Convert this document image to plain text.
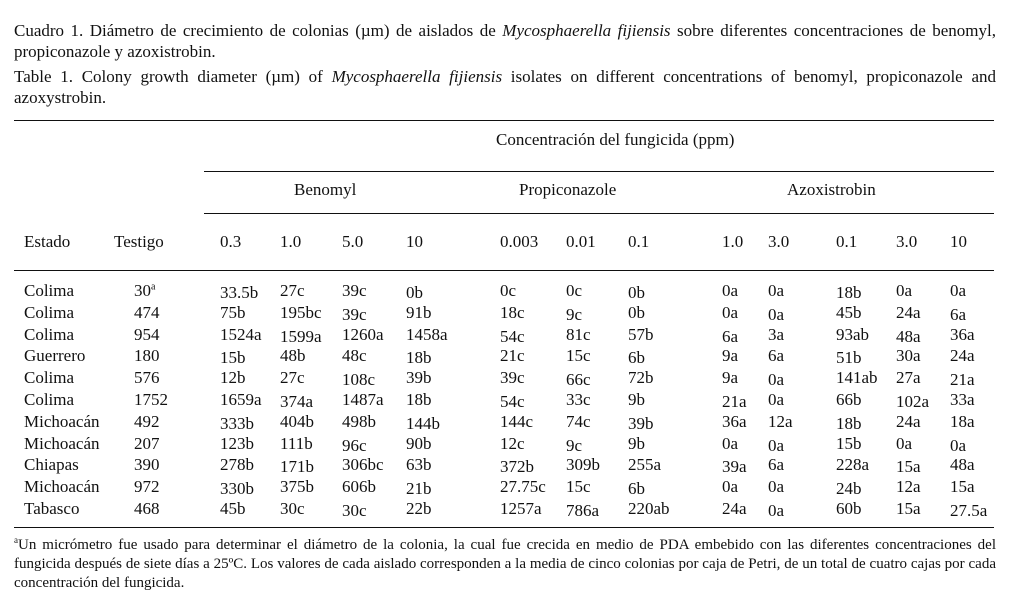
Cuadro 1. Diámetro de crecimiento de colonias (µm) de aislados de Mycosphaerella fijiensis sobre diferentes concentraciones de benomyl, propiconazole y azoxistrobin.
Table 1. Colony growth diameter (µm) of Mycosphaerella fijiensis isolates on different concentrations of benomyl, propiconazole and azoxystrobin.
Concentración del fungicida (ppm)
Benomyl	Propiconazole	Azoxistrobin
Estado	Testigo	0.3 1.0 5.0	10	0.003 0.01 0.1	1.0 3.0	0.1 3.0 10
Colima	30$^a$	33.5b 27c 39c 0b	0c	0c	0b	0a 0a	18b 0a 0a
Colima	474	75b 195bc 39c 91b	18c 9c	0b	0a 0a	45b 24a 6a
Colima	954	1524a 1599a 1260a 1458a	54c 81c 57b	6a 3a	93ab 48a 36a
Guerrero	180	15b 48b 48c 18b	21c 15c 6b	9a 6a	51b 30a 24a
Colima	576	12b 27c 108c 39b	39c 66c 72b	9a 0a	141ab 27a 21a
Colima	1752	1659a 374a 1487a 18b	54c 33c 9b	21a 0a	66b 102a 33a
Michoacán 492	333b 404b 498b 144b	144c 74c 39b	36a 12a	18b 24a 18a
Michoacán 207	123b 111b 96c 90b	12c 9c	9b	0a 0a	15b 0a 0a
Chiapas	390	278b 171b 306bc 63b	372b 309b 255a	39a 6a	228a 15a 48a
Michoacán 972	330b 375b 606b 21b	27.75c 15c 6b	0a 0a	24b 12a 15a
Tabasco	468	45b 30c 30c 22b	1257a 786a 220ab	24a 0a	60b 15a 27.5a
$^a$Un micrómetro fue usado para determinar el diámetro de la colonia, la cual fue crecida en medio de PDA embebido con las diferentes concentraciones del fungicida después de siete días a 25ºC. Los valores de cada aislado corresponden a la media de cinco colonias por caja de Petri, de un total de cuatro cajas por cada concentración del fungicida.
